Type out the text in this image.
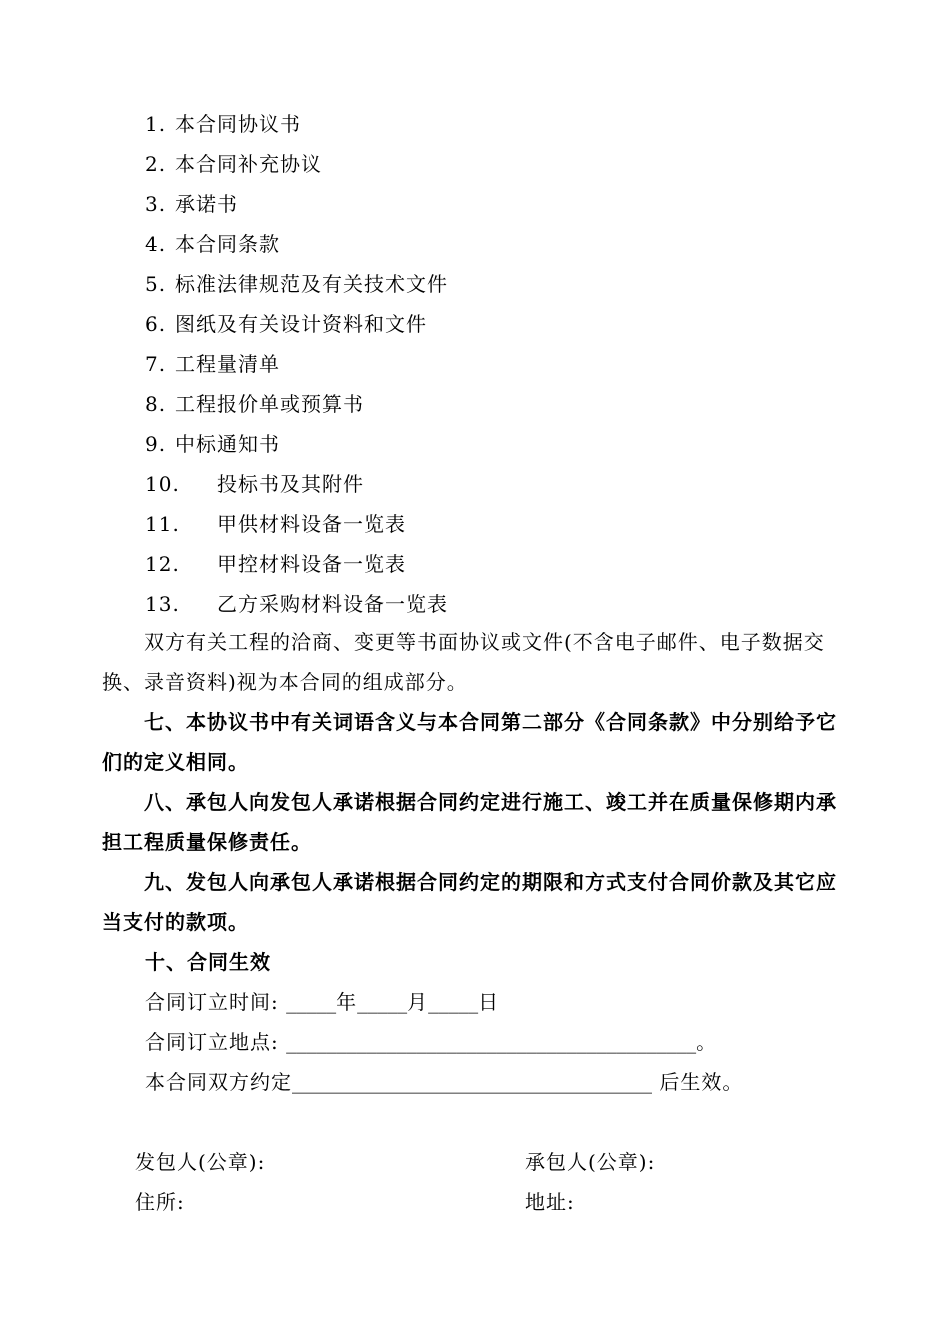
1. 本合同协议书
2. 本合同补充协议
3. 承诺书
4. 本合同条款
5. 标准法律规范及有关技术文件
6. 图纸及有关设计资料和文件
7. 工程量清单
8. 工程报价单或预算书
9. 中标通知书
10. 投标书及其附件
11. 甲供材料设备一览表
12. 甲控材料设备一览表
13. 乙方采购材料设备一览表
双方有关工程的洽商、变更等书面协议或文件(不含电子邮件、电子数据交换、录音资料)视为本合同的组成部分。
七、本协议书中有关词语含义与本合同第二部分《合同条款》中分别给予它们的定义相同。
八、承包人向发包人承诺根据合同约定进行施工、竣工并在质量保修期内承担工程质量保修责任。
九、发包人向承包人承诺根据合同约定的期限和方式支付合同价款及其它应当支付的款项。
十、合同生效
合同订立时间: _____年_____月_____日
合同订立地点: _________________________________________。
本合同双方约定____________________________________ 后生效。
发包人(公章):
住所:
承包人(公章):
地址:
